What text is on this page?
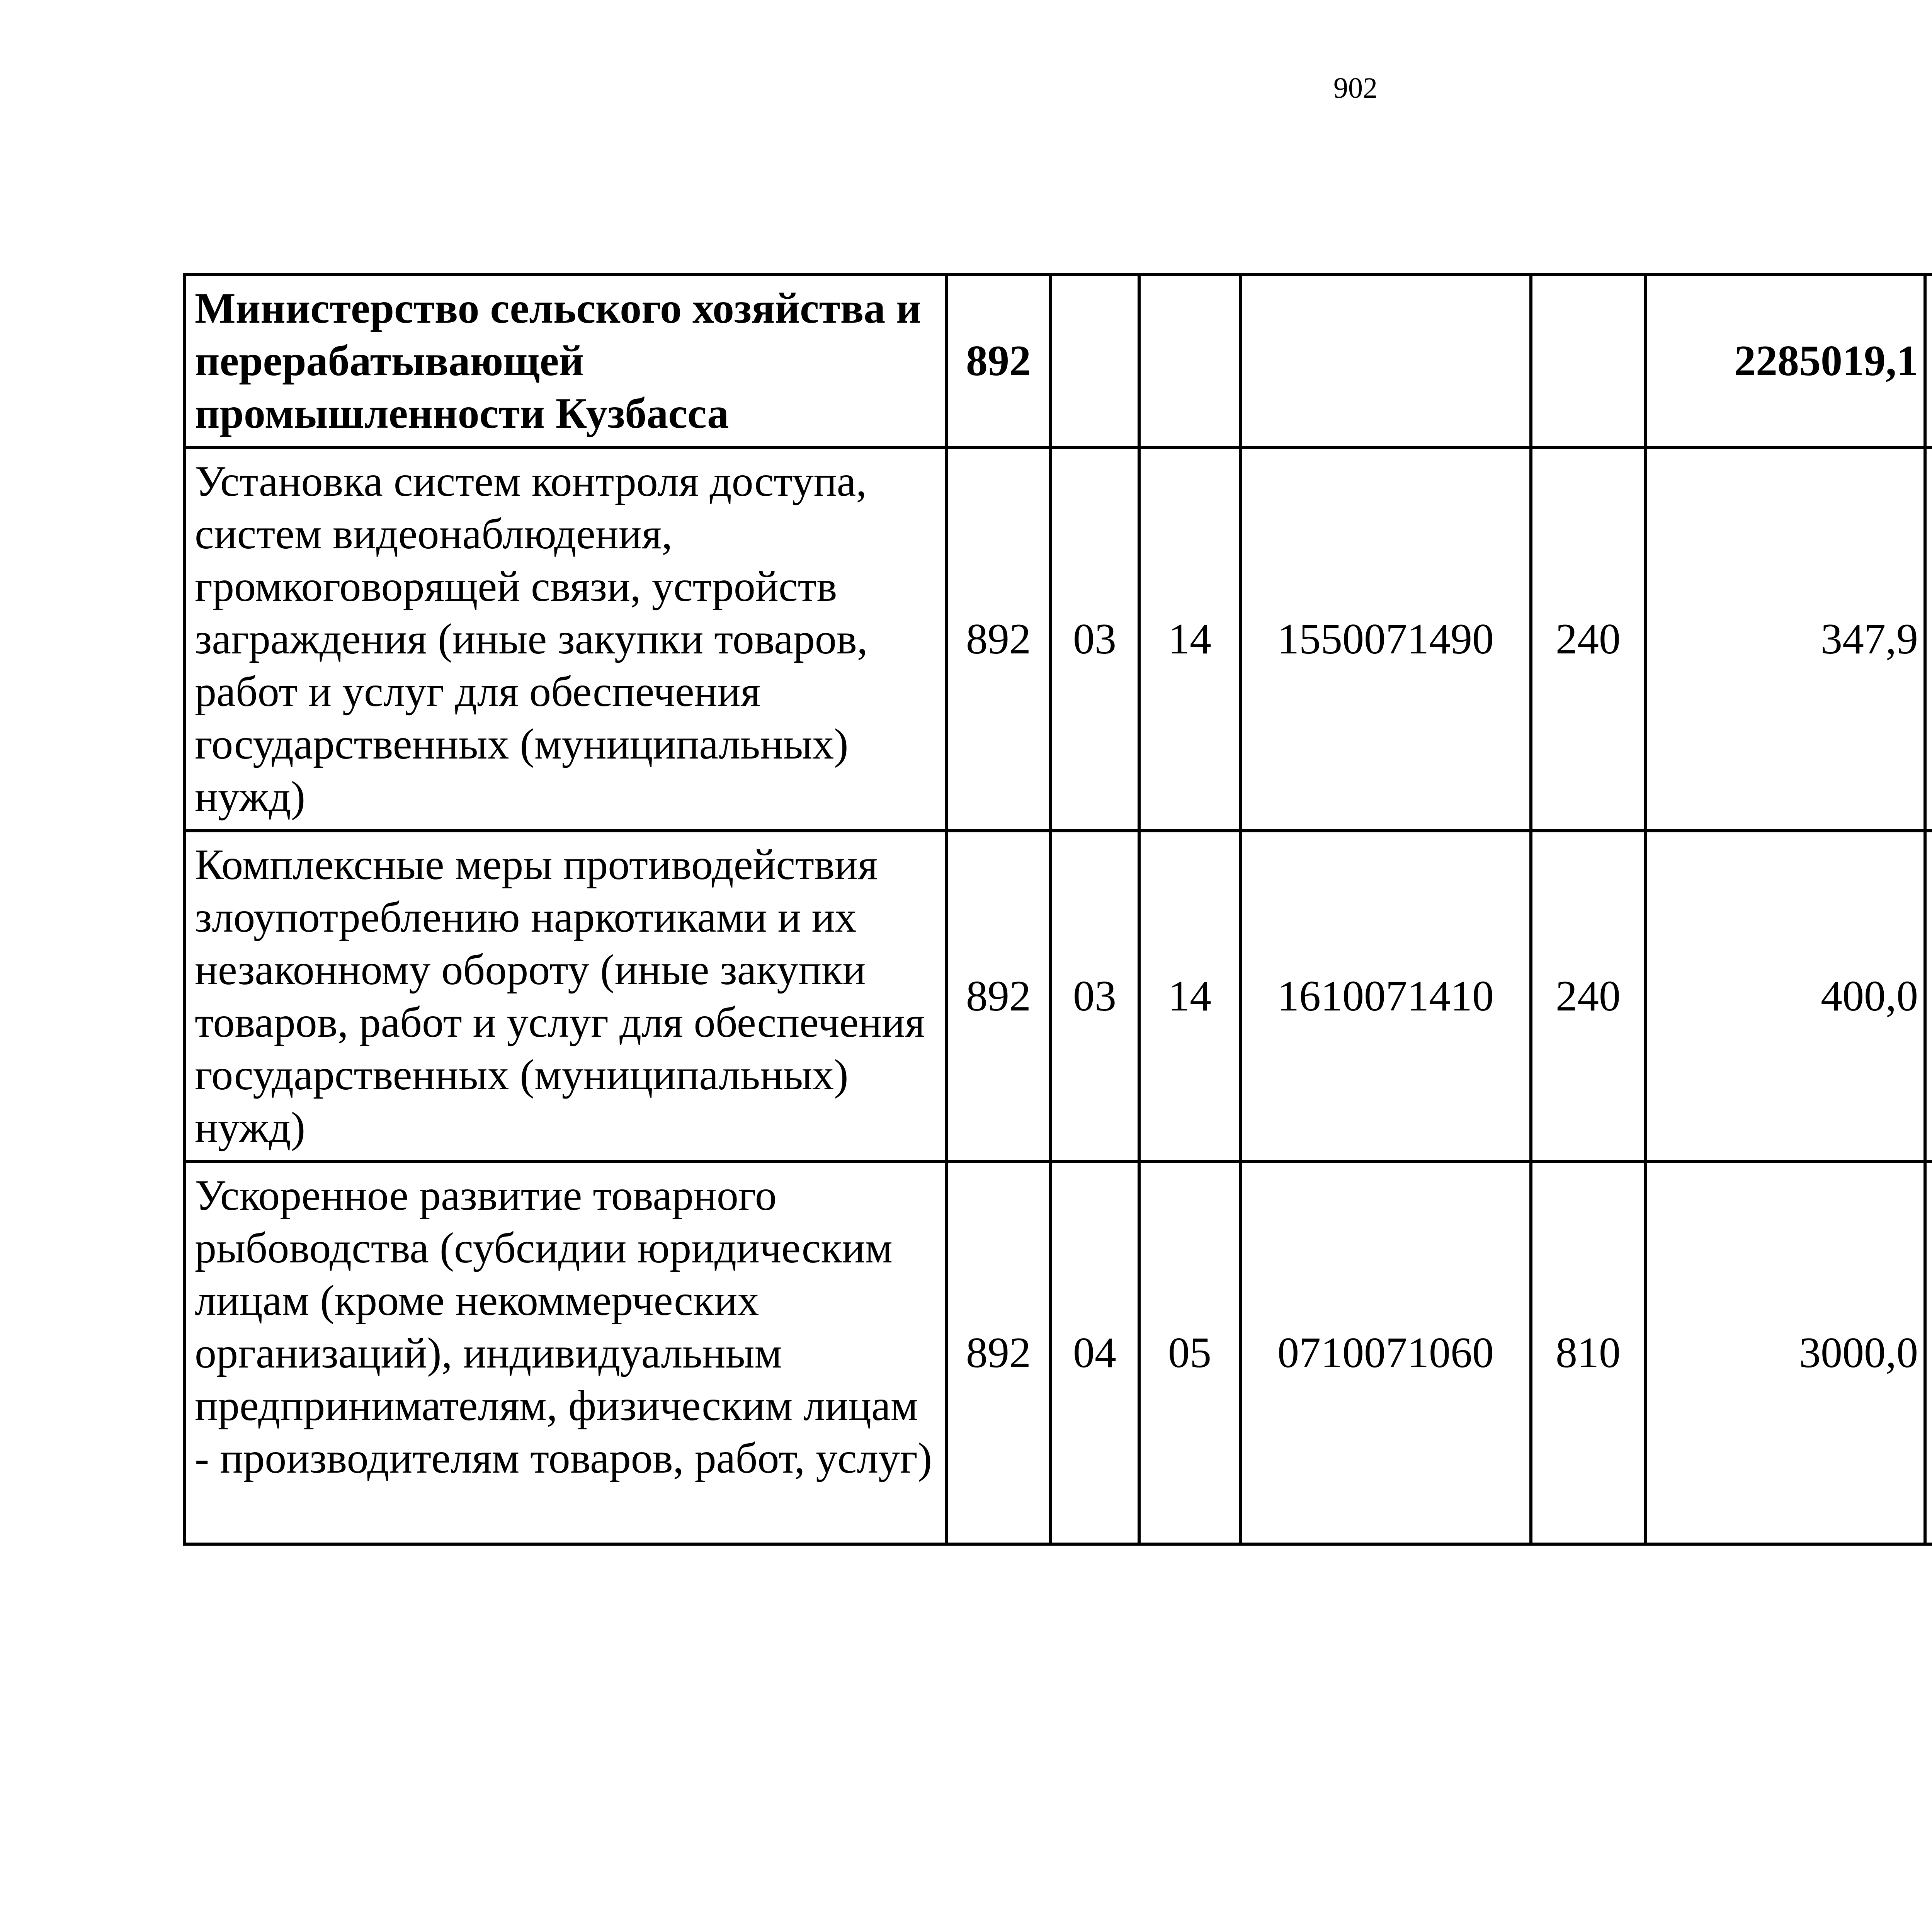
902
Министерство сельского хозяйства и перерабатывающей промышленности Кузбасса	892					2285019,1		
Установка систем контроля доступа, систем видеонаблюдения, громкоговорящей связи, устройств заграждения (иные закупки товаров, работ и услуг для обеспечения государственных (муниципальных) нужд)	892	03	14	1550071490	240	347,9		
Комплексные меры противодействия злоупотреблению наркотиками и их незаконному обороту (иные закупки товаров, работ и услуг для обеспечения государственных (муниципальных) нужд)	892	03	14	1610071410	240	400,0		
Ускоренное развитие товарного рыбоводства (субсидии юридическим лицам (кроме некоммерческих организаций), индивидуальным предпринимателям, физическим лицам - производителям товаров, работ, услуг)	892	04	05	0710071060	810	3000,0		
